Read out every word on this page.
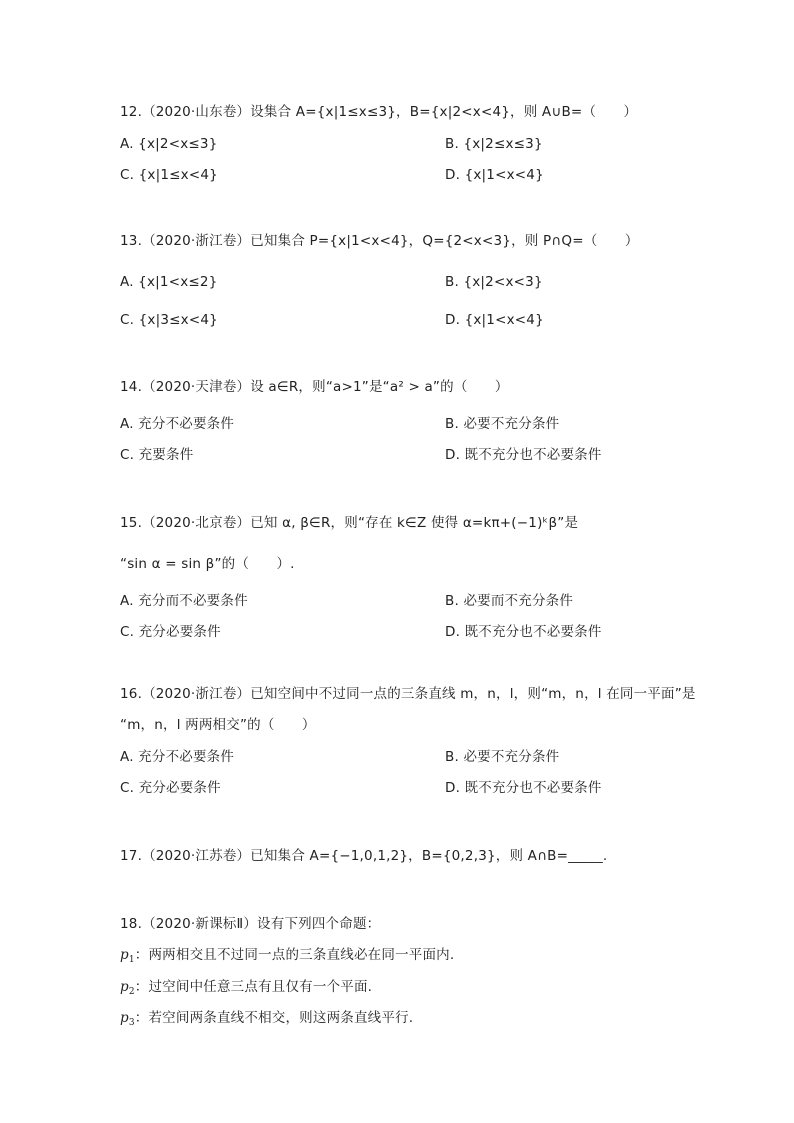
12.（2020·山东卷）设集合 A={x|1≤x≤3}，B={x|2<x<4}，则 A∪B=（　　）
A. {x|2<x≤3}	B. {x|2≤x≤3}
C. {x|1≤x<4}	D. {x|1<x<4}
13.（2020·浙江卷）已知集合 P={x|1<x<4}，Q={2<x<3}，则 P∩Q=（　　）
A. {x|1<x≤2}	B. {x|2<x<3}
C. {x|3≤x<4}	D. {x|1<x<4}
14.（2020·天津卷）设 a∈R，则“a>1”是“a² > a”的（　　）
A. 充分不必要条件	B. 必要不充分条件
C. 充要条件	D. 既不充分也不必要条件
15.（2020·北京卷）已知 α, β∈R，则“存在 k∈Z 使得 α=kπ+(−1)ᵏβ”是
“sin α = sin β”的（　　）.
A. 充分而不必要条件	B. 必要而不充分条件
C. 充分必要条件	D. 既不充分也不必要条件
16.（2020·浙江卷）已知空间中不过同一点的三条直线 m，n，l，则“m，n，l 在同一平面”是
“m，n，l 两两相交”的（　　）
A. 充分不必要条件	B. 必要不充分条件
C. 充分必要条件	D. 既不充分也不必要条件
17.（2020·江苏卷）已知集合 A={−1,0,1,2}，B={0,2,3}，则 A∩B=_____.
18.（2020·新课标Ⅱ）设有下列四个命题：
$p_1$：两两相交且不过同一点的三条直线必在同一平面内.
$p_2$：过空间中任意三点有且仅有一个平面.
$p_3$：若空间两条直线不相交，则这两条直线平行.
